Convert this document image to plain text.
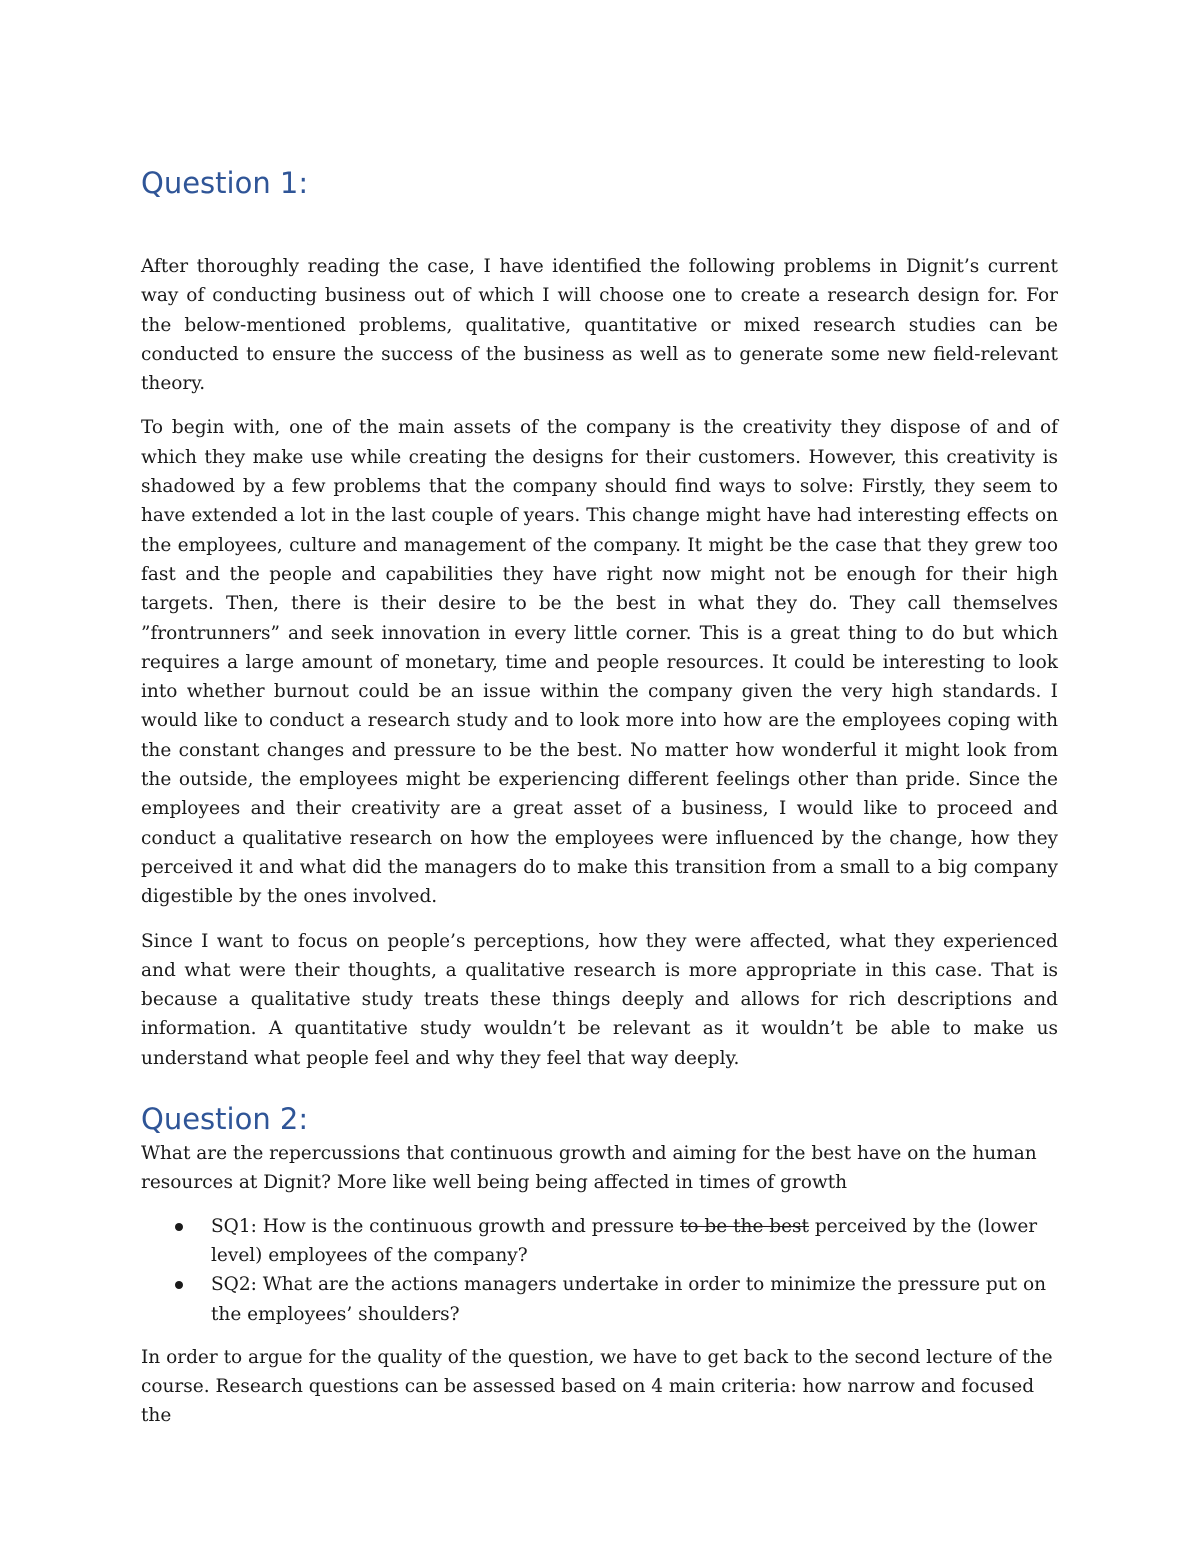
Question 1:

After thoroughly reading the case, I have identified the following problems in Dignit’s current way of conducting business out of which I will choose one to create a research design for. For the below-mentioned problems, qualitative, quantitative or mixed research studies can be conducted to ensure the success of the business as well as to generate some new field-relevant theory.

To begin with, one of the main assets of the company is the creativity they dispose of and of which they make use while creating the designs for their customers. However, this creativity is shadowed by a few problems that the company should find ways to solve: Firstly, they seem to have extended a lot in the last couple of years. This change might have had interesting effects on the employees, culture and management of the company. It might be the case that they grew too fast and the people and capabilities they have right now might not be enough for their high targets. Then, there is their desire to be the best in what they do. They call themselves ”frontrunners” and seek innovation in every little corner. This is a great thing to do but which requires a large amount of monetary, time and people resources. It could be interesting to look into whether burnout could be an issue within the company given the very high standards. I would like to conduct a research study and to look more into how are the employees coping with the constant changes and pressure to be the best. No matter how wonderful it might look from the outside, the employees might be experiencing different feelings other than pride. Since the employees and their creativity are a great asset of a business, I would like to proceed and conduct a qualitative research on how the employees were influenced by the change, how they perceived it and what did the managers do to make this transition from a small to a big company digestible by the ones involved.

Since I want to focus on people’s perceptions, how they were affected, what they experienced and what were their thoughts, a qualitative research is more appropriate in this case. That is because a qualitative study treats these things deeply and allows for rich descriptions and information. A quantitative study wouldn’t be relevant as it wouldn’t be able to make us understand what people feel and why they feel that way deeply.

Question 2:

What are the repercussions that continuous growth and aiming for the best have on the human resources at Dignit? More like well being being affected in times of growth

SQ1: How is the continuous growth and pressure to be the best perceived by the (lower level) employees of the company?
SQ2: What are the actions managers undertake in order to minimize the pressure put on the employees’ shoulders?

In order to argue for the quality of the question, we have to get back to the second lecture of the course. Research questions can be assessed based on 4 main criteria: how narrow and focused the
